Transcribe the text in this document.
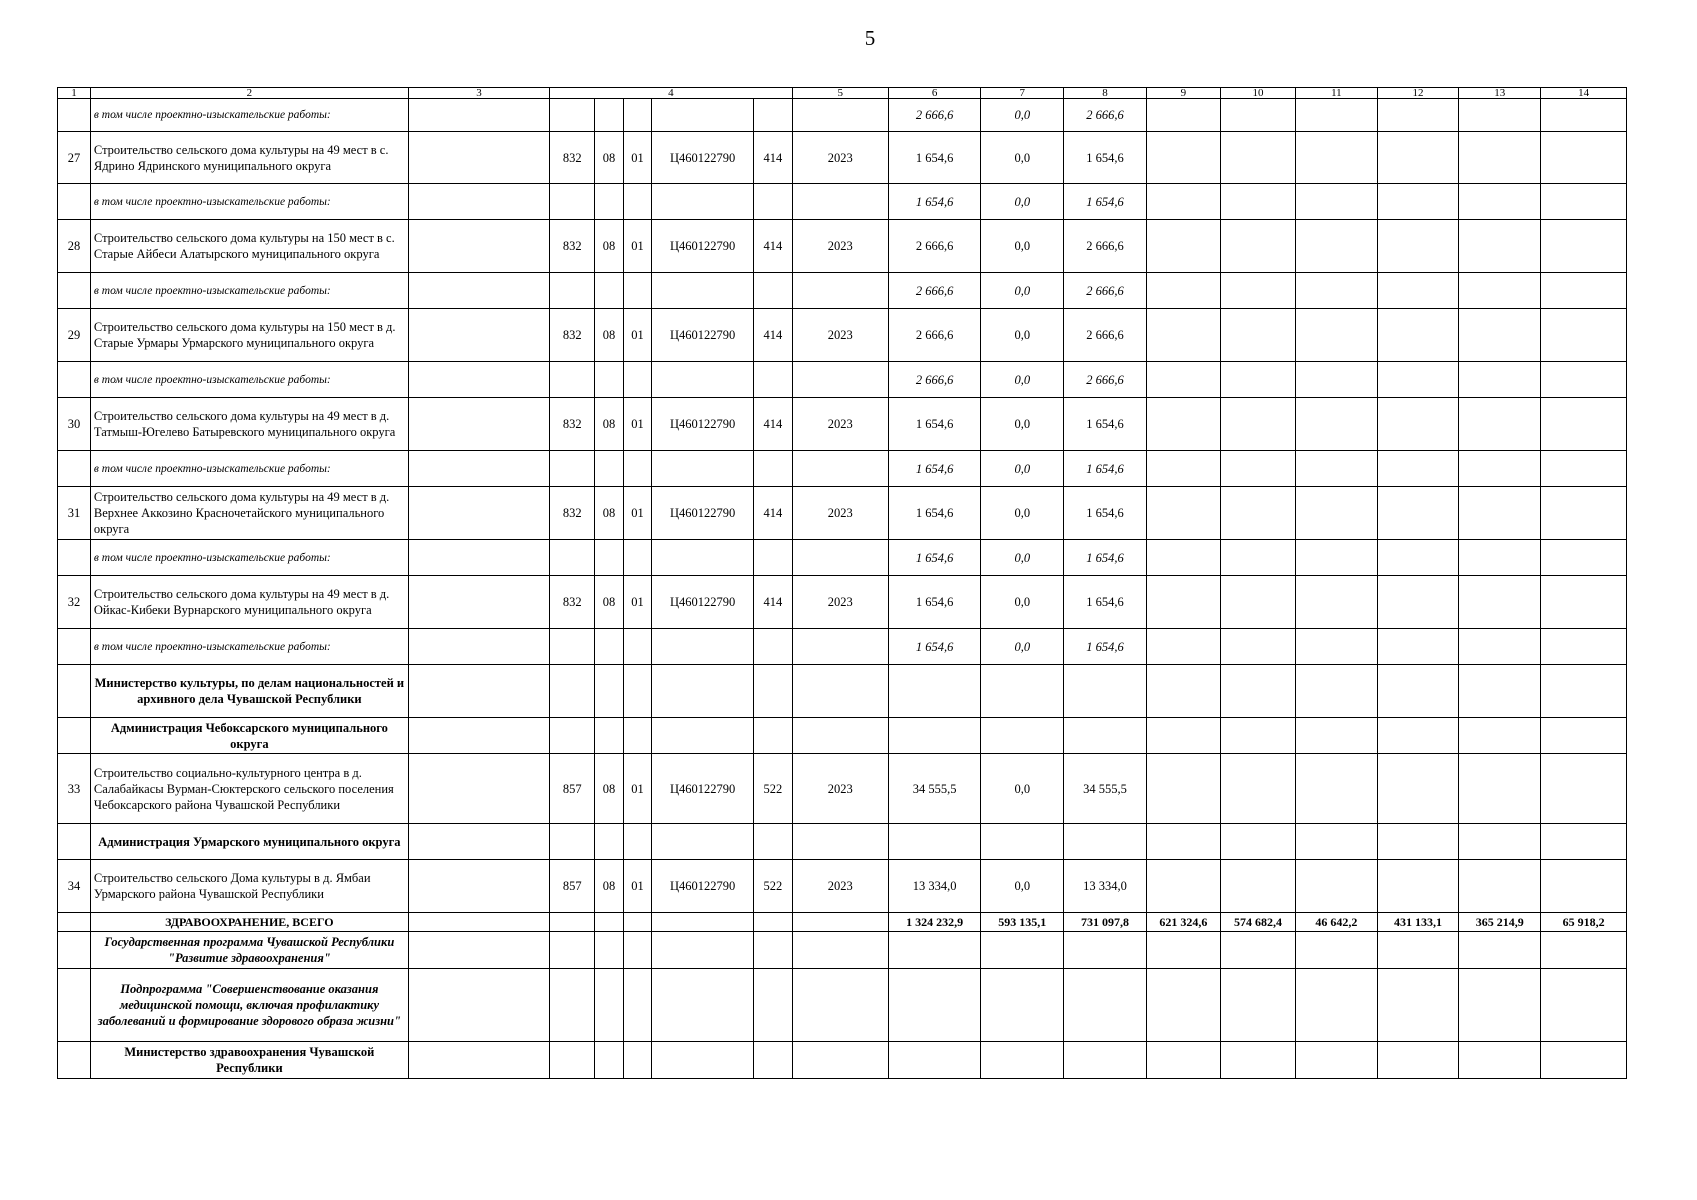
5
1	2	3	4					5	6	7	8	9	10	11	12	13	14
	в том числе проектно-изыскательские работы:								2 666,6	0,0	2 666,6						
27	Строительство сельского дома культуры на 49 мест в с. Ядрино Ядринского муниципального округа		832	08	01	Ц460122790	414	2023	1 654,6	0,0	1 654,6						
	в том числе проектно-изыскательские работы:								1 654,6	0,0	1 654,6						
28	Строительство сельского дома культуры на 150 мест в с. Старые Айбеси Алатырского муниципального округа		832	08	01	Ц460122790	414	2023	2 666,6	0,0	2 666,6						
	в том числе проектно-изыскательские работы:								2 666,6	0,0	2 666,6						
29	Строительство сельского дома культуры на 150 мест в д. Старые Урмары Урмарского муниципального округа		832	08	01	Ц460122790	414	2023	2 666,6	0,0	2 666,6						
	в том числе проектно-изыскательские работы:								2 666,6	0,0	2 666,6						
30	Строительство сельского дома культуры на 49 мест в д. Татмыш-Югелево Батыревского муниципального округа		832	08	01	Ц460122790	414	2023	1 654,6	0,0	1 654,6						
	в том числе проектно-изыскательские работы:								1 654,6	0,0	1 654,6						
31	Строительство сельского дома культуры на 49 мест в д. Верхнее Аккозино Красночетайского муниципального округа		832	08	01	Ц460122790	414	2023	1 654,6	0,0	1 654,6						
	в том числе проектно-изыскательские работы:								1 654,6	0,0	1 654,6						
32	Строительство сельского дома культуры на 49 мест в д. Ойкас-Кибеки Вурнарского муниципального округа		832	08	01	Ц460122790	414	2023	1 654,6	0,0	1 654,6						
	в том числе проектно-изыскательские работы:								1 654,6	0,0	1 654,6						
	Министерство культуры, по делам национальностей и архивного дела Чувашской Республики																
	Администрация Чебоксарского муниципального округа																
33	Строительство социально-культурного центра в д. Салабайкасы Вурман-Сюктерского сельского поселения Чебоксарского района Чувашской Республики		857	08	01	Ц460122790	522	2023	34 555,5	0,0	34 555,5						
	Администрация Урмарского муниципального округа																
34	Строительство сельского Дома культуры в д. Ямбаи Урмарского района Чувашской Республики		857	08	01	Ц460122790	522	2023	13 334,0	0,0	13 334,0						
	ЗДРАВООХРАНЕНИЕ, ВСЕГО								1 324 232,9	593 135,1	731 097,8	621 324,6	574 682,4	46 642,2	431 133,1	365 214,9	65 918,2
	Государственная программа Чувашской Республики "Развитие здравоохранения"																
	Подпрограмма "Совершенствование оказания медицинской помощи, включая профилактику заболеваний и формирование здорового образа жизни"																
	Министерство здравоохранения Чувашской Республики																
